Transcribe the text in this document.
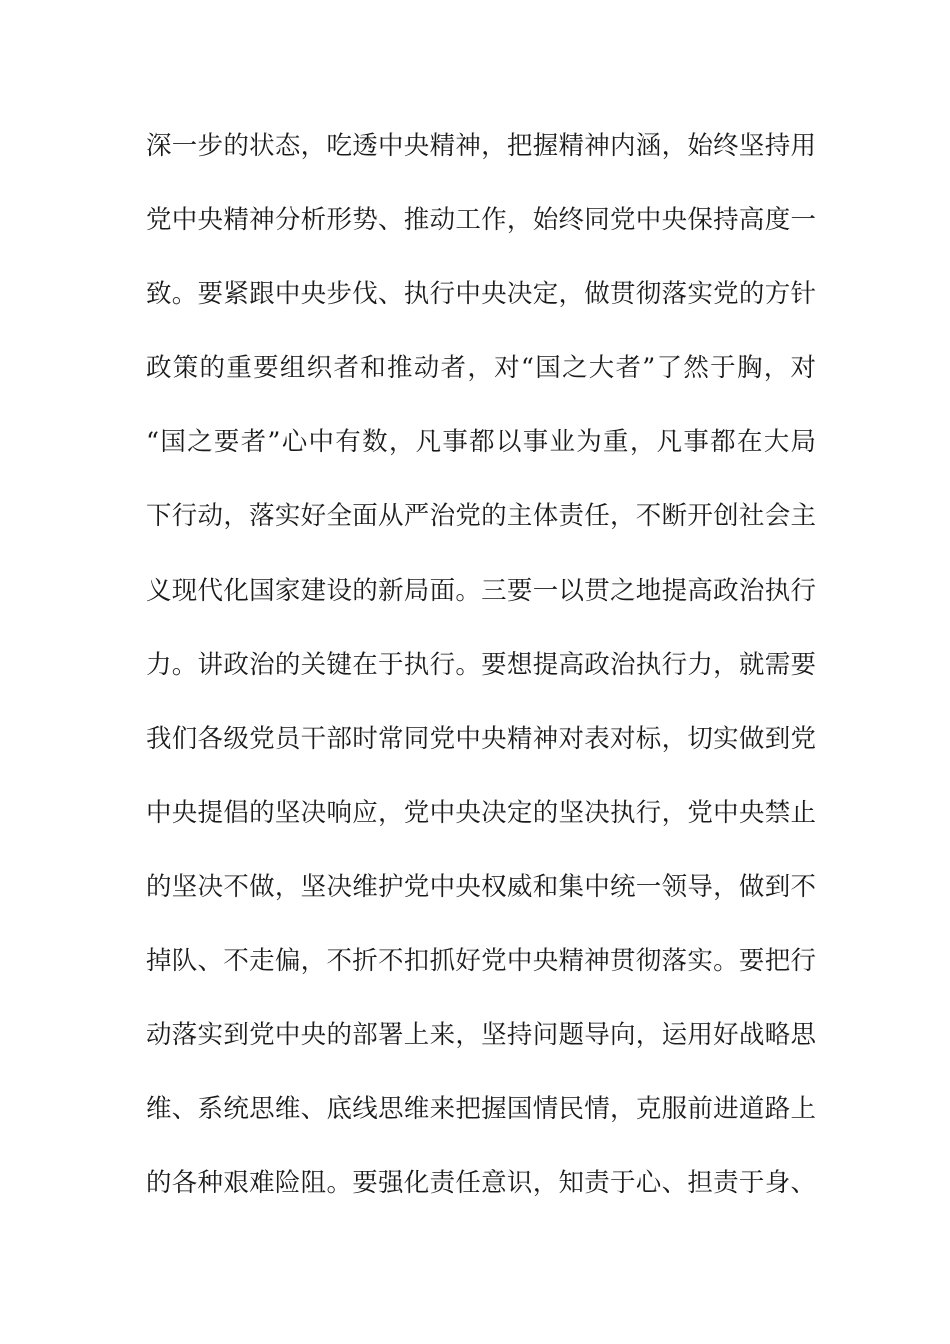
深一步的状态，吃透中央精神，把握精神内涵，始终坚持用
党中央精神分析形势、推动工作，始终同党中央保持高度一
致。要紧跟中央步伐、执行中央决定，做贯彻落实党的方针
政策的重要组织者和推动者，对“国之大者”了然于胸，对
“国之要者”心中有数，凡事都以事业为重，凡事都在大局
下行动，落实好全面从严治党的主体责任，不断开创社会主
义现代化国家建设的新局面。三要一以贯之地提高政治执行
力。讲政治的关键在于执行。要想提高政治执行力，就需要
我们各级党员干部时常同党中央精神对表对标，切实做到党
中央提倡的坚决响应，党中央决定的坚决执行，党中央禁止
的坚决不做，坚决维护党中央权威和集中统一领导，做到不
掉队、不走偏，不折不扣抓好党中央精神贯彻落实。要把行
动落实到党中央的部署上来，坚持问题导向，运用好战略思
维、系统思维、底线思维来把握国情民情，克服前进道路上
的各种艰难险阻。要强化责任意识，知责于心、担责于身、
